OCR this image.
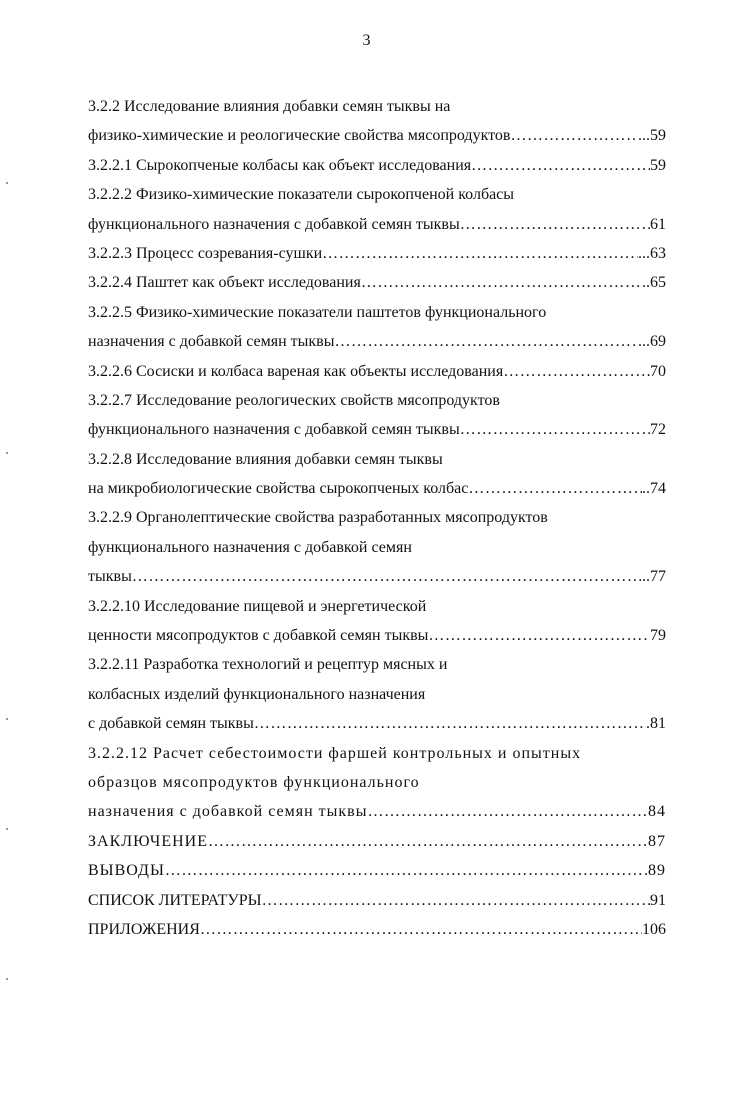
3
3.2.2 Исследование влияния добавки семян тыквы на
физико-химические и реологические свойства мясопродуктов …………………………………………………………………………………………………………………………………………………………………………	...59
3.2.2.1 Сырокопченые колбасы как объект исследования …………………………………………………………………………………………………………………………………………………………………………	59
3.2.2.2 Физико-химические показатели сырокопченой колбасы
функционального назначения с добавкой семян тыквы …………………………………………………………………………………………………………………………………………………………………………	61
3.2.2.3 Процесс созревания-сушки …………………………………………………………………………………………………………………………………………………………………………	...63
3.2.2.4 Паштет как объект исследования …………………………………………………………………………………………………………………………………………………………………………	.65
3.2.2.5 Физико-химические показатели паштетов функционального
назначения с добавкой семян тыквы …………………………………………………………………………………………………………………………………………………………………………	...69
3.2.2.6 Сосиски и колбаса вареная как объекты исследования …………………………………………………………………………………………………………………………………………………………………………	70
3.2.2.7 Исследование реологических свойств мясопродуктов
функционального назначения с добавкой семян тыквы …………………………………………………………………………………………………………………………………………………………………………	72
3.2.2.8 Исследование влияния добавки семян тыквы
на микробиологические свойства сырокопченых колбас …………………………………………………………………………………………………………………………………………………………………………	..74
3.2.2.9 Органолептические свойства разработанных мясопродуктов
функционального назначения с добавкой семян
тыквы …………………………………………………………………………………………………………………………………………………………………………	..77
3.2.2.10 Исследование пищевой и энергетической
ценности мясопродуктов с добавкой семян тыквы …………………………………………………………………………………………………………………………………………………………………………	79
3.2.2.11 Разработка технологий и рецептур мясных и
колбасных изделий функционального назначения
с добавкой семян тыквы …………………………………………………………………………………………………………………………………………………………………………	.81
3.2.2.12 Расчет себестоимости фаршей контрольных и опытных
образцов мясопродуктов функционального
назначения с добавкой семян тыквы …………………………………………………………………………………………………………………………………………………………………………	84
ЗАКЛЮЧЕНИЕ …………………………………………………………………………………………………………………………………………………………………………	87
ВЫВОДЫ …………………………………………………………………………………………………………………………………………………………………………	89
СПИСОК ЛИТЕРАТУРЫ …………………………………………………………………………………………………………………………………………………………………………	91
ПРИЛОЖЕНИЯ …………………………………………………………………………………………………………………………………………………………………………	106
